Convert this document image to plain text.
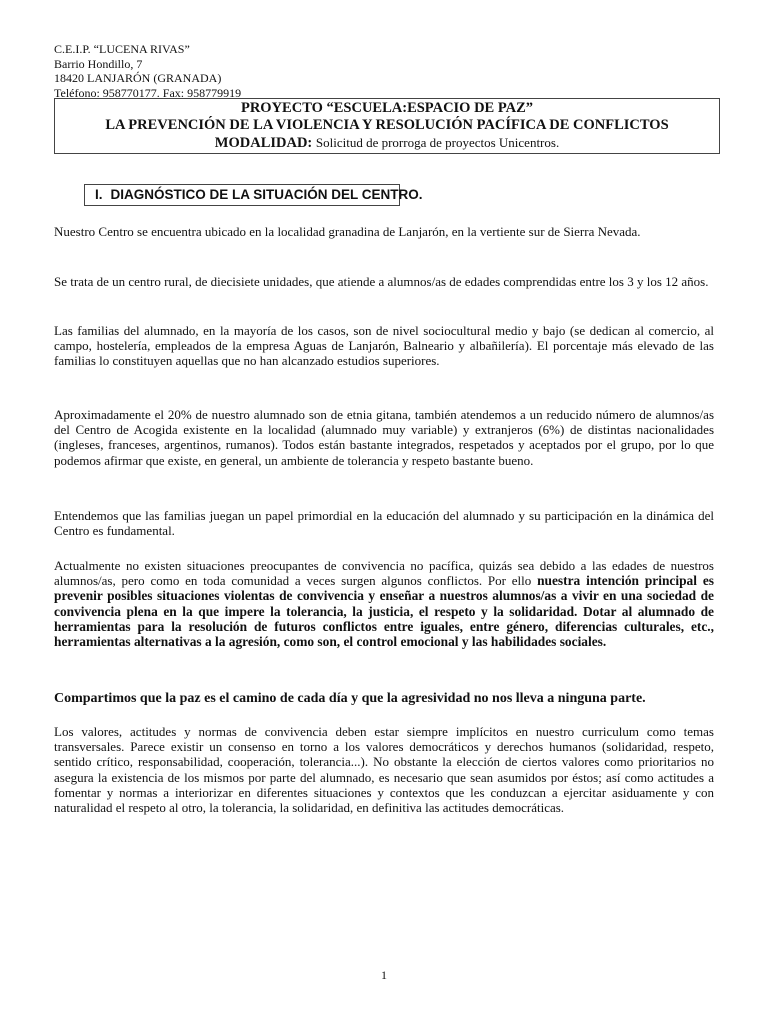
C.E.I.P. “LUCENA RIVAS”
Barrio Hondillo, 7
18420 LANJARÓN (GRANADA)
Teléfono: 958770177. Fax: 958779919
PROYECTO “ESCUELA:ESPACIO DE PAZ”
LA PREVENCIÓN DE LA VIOLENCIA Y RESOLUCIÓN PACÍFICA DE CONFLICTOS
MODALIDAD: Solicitud de prorroga de proyectos Unicentros.
I. DIAGNÓSTICO DE LA SITUACIÓN DEL CENTRO.

Nuestro Centro se encuentra ubicado en la localidad granadina de Lanjarón, en la vertiente sur de Sierra Nevada.

Se trata de un centro rural, de diecisiete unidades, que atiende a alumnos/as de edades comprendidas entre los 3 y los 12 años.

Las familias del alumnado, en la mayoría de los casos, son de nivel sociocultural medio y bajo (se dedican al comercio, al campo, hostelería, empleados de la empresa Aguas de Lanjarón, Balneario y albañilería). El porcentaje más elevado de las familias lo constituyen aquellas que no han alcanzado estudios superiores.

Aproximadamente el 20% de nuestro alumnado son de etnia gitana, también atendemos a un reducido número de alumnos/as del Centro de Acogida existente en la localidad (alumnado muy variable) y extranjeros (6%) de distintas nacionalidades (ingleses, franceses, argentinos, rumanos). Todos están bastante integrados, respetados y aceptados por el grupo, por lo que podemos afirmar que existe, en general, un ambiente de tolerancia y respeto bastante bueno.

Entendemos que las familias juegan un papel primordial en la educación del alumnado y su participación en la dinámica del Centro es fundamental.

Actualmente no existen situaciones preocupantes de convivencia no pacífica, quizás sea debido a las edades de nuestros alumnos/as, pero como en toda comunidad a veces surgen algunos conflictos. Por ello nuestra intención principal es prevenir posibles situaciones violentas de convivencia y enseñar a nuestros alumnos/as a vivir en una sociedad de convivencia plena en la que impere la tolerancia, la justicia, el respeto y la solidaridad. Dotar al alumnado de herramientas para la resolución de futuros conflictos entre iguales, entre género, diferencias culturales, etc., herramientas alternativas a la agresión, como son, el control emocional y las habilidades sociales.

Compartimos que la paz es el camino de cada día y que la agresividad no nos lleva a ninguna parte.

Los valores, actitudes y normas de convivencia deben estar siempre implícitos en nuestro curriculum como temas transversales. Parece existir un consenso en torno a los valores democráticos y derechos humanos (solidaridad, respeto, sentido crítico, responsabilidad, cooperación, tolerancia...). No obstante la elección de ciertos valores como prioritarios no asegura la existencia de los mismos por parte del alumnado, es necesario que sean asumidos por éstos; así como actitudes a fomentar y normas a interiorizar en diferentes situaciones y contextos que les conduzcan a ejercitar asiduamente y con naturalidad el respeto al otro, la tolerancia, la solidaridad, en definitiva las actitudes democráticas.

1
